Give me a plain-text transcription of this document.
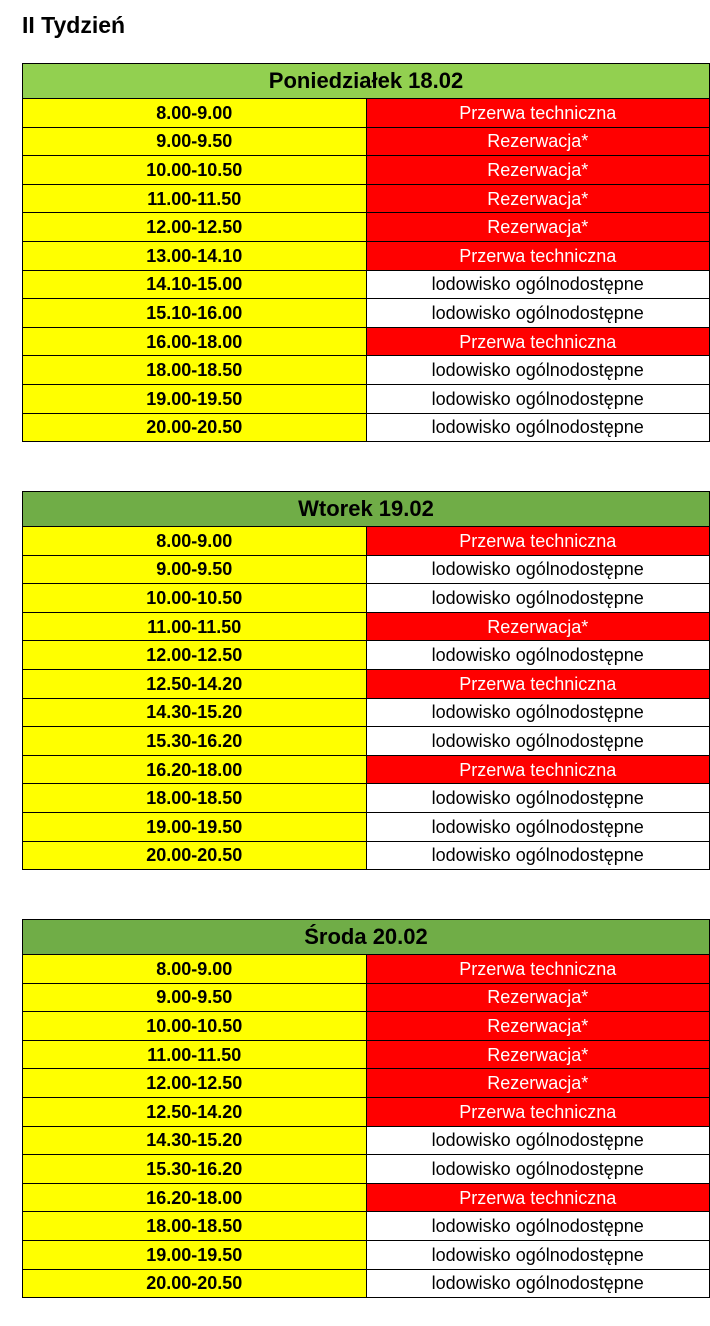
II Tydzień
Poniedziałek 18.02	
8.00-9.00	Przerwa techniczna
9.00-9.50	Rezerwacja*
10.00-10.50	Rezerwacja*
11.00-11.50	Rezerwacja*
12.00-12.50	Rezerwacja*
13.00-14.10	Przerwa techniczna
14.10-15.00	lodowisko ogólnodostępne
15.10-16.00	lodowisko ogólnodostępne
16.00-18.00	Przerwa techniczna
18.00-18.50	lodowisko ogólnodostępne
19.00-19.50	lodowisko ogólnodostępne
20.00-20.50	lodowisko ogólnodostępne
Wtorek 19.02	
8.00-9.00	Przerwa techniczna
9.00-9.50	lodowisko ogólnodostępne
10.00-10.50	lodowisko ogólnodostępne
11.00-11.50	Rezerwacja*
12.00-12.50	lodowisko ogólnodostępne
12.50-14.20	Przerwa techniczna
14.30-15.20	lodowisko ogólnodostępne
15.30-16.20	lodowisko ogólnodostępne
16.20-18.00	Przerwa techniczna
18.00-18.50	lodowisko ogólnodostępne
19.00-19.50	lodowisko ogólnodostępne
20.00-20.50	lodowisko ogólnodostępne
Środa 20.02	
8.00-9.00	Przerwa techniczna
9.00-9.50	Rezerwacja*
10.00-10.50	Rezerwacja*
11.00-11.50	Rezerwacja*
12.00-12.50	Rezerwacja*
12.50-14.20	Przerwa techniczna
14.30-15.20	lodowisko ogólnodostępne
15.30-16.20	lodowisko ogólnodostępne
16.20-18.00	Przerwa techniczna
18.00-18.50	lodowisko ogólnodostępne
19.00-19.50	lodowisko ogólnodostępne
20.00-20.50	lodowisko ogólnodostępne
